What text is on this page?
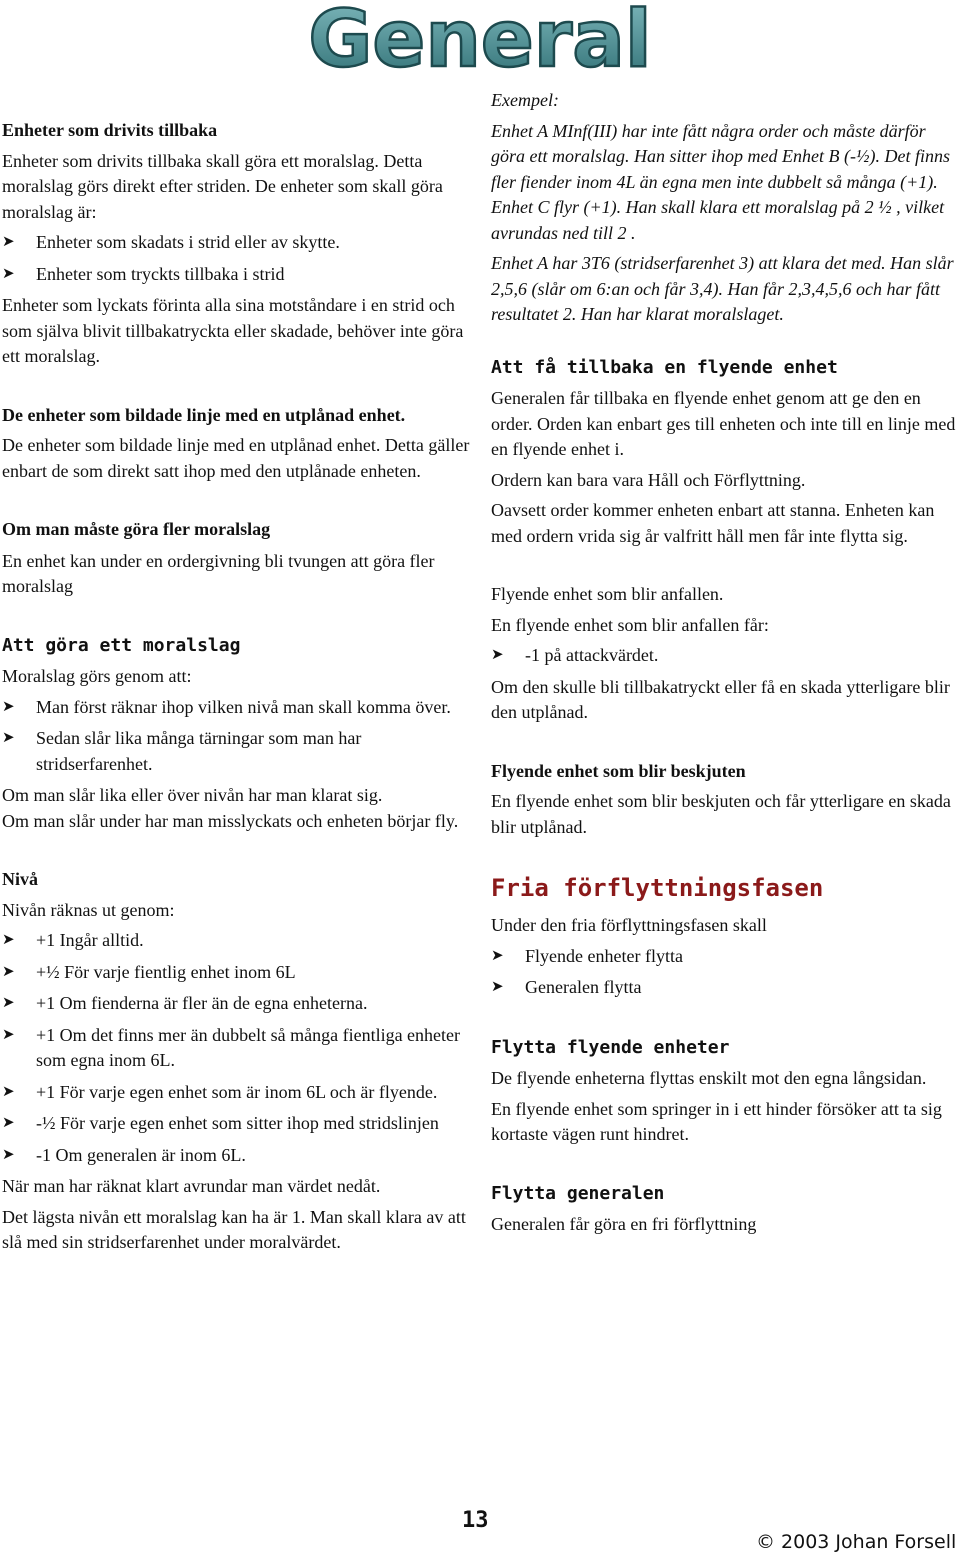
General

Enheter som drivits tillbaka

Enheter som drivits tillbaka skall göra ett moralslag. Detta moralslag görs direkt efter striden. De enheter som skall göra moralslag är:

➤ Enheter som skadats i strid eller av skytte.
➤ Enheter som tryckts tillbaka i strid

Enheter som lyckats förinta alla sina motståndare i en strid och som själva blivit tillbakatryckta eller skadade, behöver inte göra ett moralslag.

De enheter som bildade linje med en utplånad enhet.

De enheter som bildade linje med en utplånad enhet. Detta gäller enbart de som direkt satt ihop med den utplånade enheten.

Om man måste göra fler moralslag

En enhet kan under en ordergivning bli tvungen att göra fler moralslag

Att göra ett moralslag

Moralslag görs genom att:

➤ Man först räknar ihop vilken nivå man skall komma över.
➤ Sedan slår lika många tärningar som man har stridserfarenhet.

Om man slår lika eller över nivån har man klarat sig.

Om man slår under har man misslyckats och enheten börjar fly.

Nivå

Nivån räknas ut genom:

➤ +1 Ingår alltid.
➤ +½ För varje fientlig enhet inom 6L
➤ +1 Om fienderna är fler än de egna enheterna.
➤ +1 Om det finns mer än dubbelt så många fientliga enheter som egna inom 6L.
➤ +1 För varje egen enhet som är inom 6L och är flyende.
➤ -½ För varje egen enhet som sitter ihop med stridslinjen
➤ -1 Om generalen är inom 6L.

När man har räknat klart avrundar man värdet nedåt.

Det lägsta nivån ett moralslag kan ha är 1. Man skall klara av att slå med sin stridserfarenhet under moralvärdet.

Exempel:

Enhet A MInf(III) har inte fått några order och måste därför göra ett moralslag. Han sitter ihop med Enhet B (-½). Det finns fler fiender inom 4L än egna men inte dubbelt så många (+1). Enhet C flyr (+1). Han skall klara ett moralslag på 2 ½ , vilket avrundas ned till 2 .

Enhet A har 3T6 (stridserfarenhet 3) att klara det med. Han slår 2,5,6 (slår om 6:an och får 3,4). Han får 2,3,4,5,6 och har fått resultatet 2. Han har klarat moralslaget.

Att få tillbaka en flyende enhet

Generalen får tillbaka en flyende enhet genom att ge den en order. Orden kan enbart ges till enheten och inte till en linje med en flyende enhet i.

Ordern kan bara vara Håll och Förflyttning.

Oavsett order kommer enheten enbart att stanna. Enheten kan med ordern vrida sig år valfritt håll men får inte flytta sig.

Flyende enhet som blir anfallen.

En flyende enhet som blir anfallen får:

➤ -1 på attackvärdet.

Om den skulle bli tillbakatryckt eller få en skada ytterligare blir den utplånad.

Flyende enhet som blir beskjuten

En flyende enhet som blir beskjuten och får ytterligare en skada blir utplånad.

Fria förflyttningsfasen

Under den fria förflyttningsfasen skall

➤ Flyende enheter flytta
➤ Generalen flytta

Flytta flyende enheter

De flyende enheterna flyttas enskilt mot den egna långsidan.

En flyende enhet som springer in i ett hinder försöker att ta sig kortaste vägen runt hindret.

Flytta generalen

Generalen får göra en fri förflyttning

13
© 2003 Johan Forsell
